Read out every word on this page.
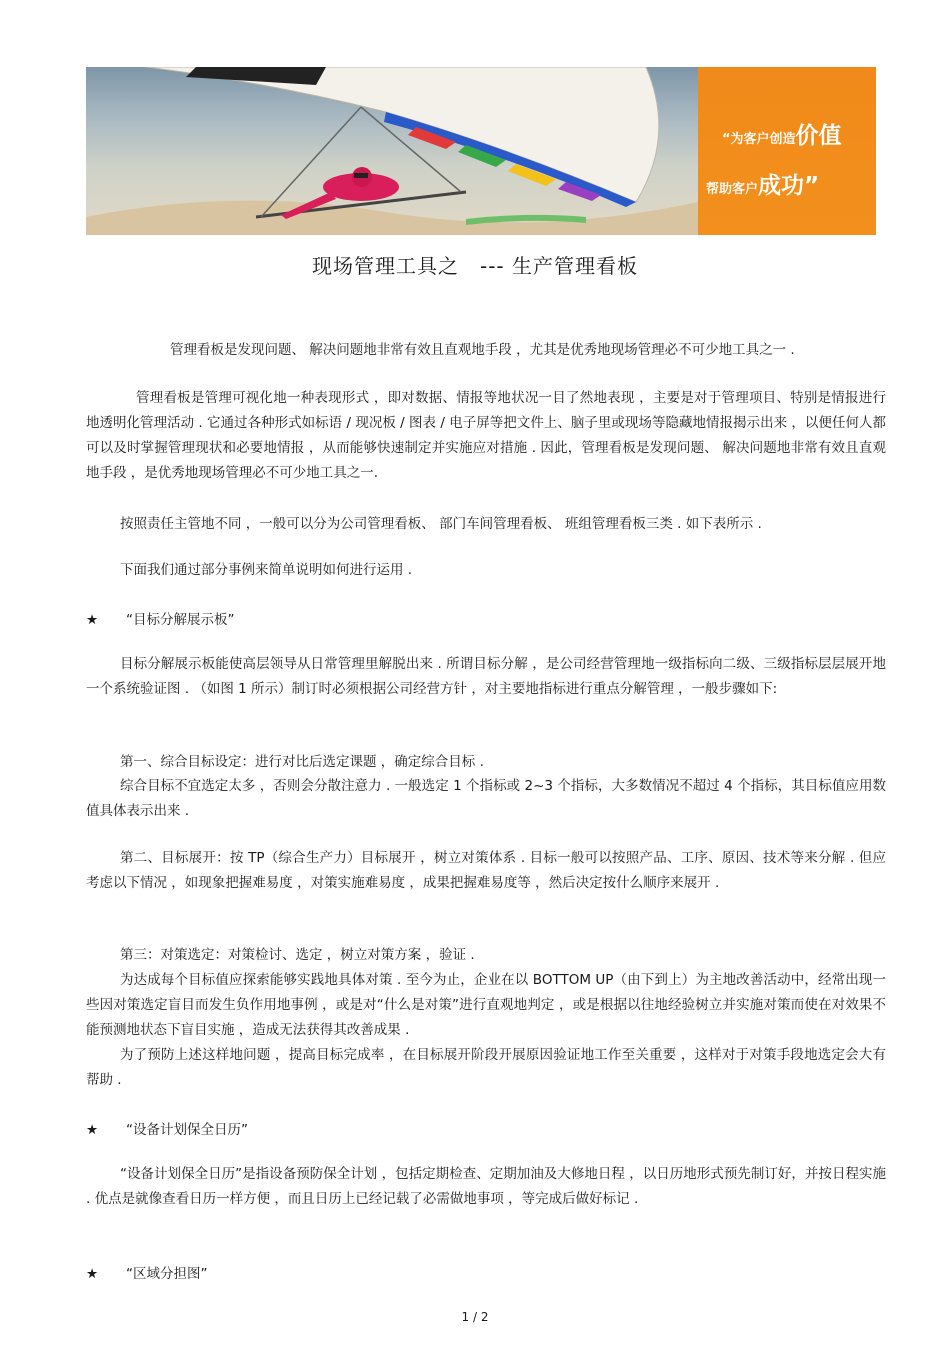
“为客户创造价值
帮助客户成功”
现场管理工具之　--- 生产管理看板

管理看板是发现问题、 解决问题地非常有效且直观地手段 ，尤其是优秀地现场管理必不可少地工具之一 .

管理看板是管理可视化地一种表现形式 ，即对数据、情报等地状况一目了然地表现 ，主要是对于管理项目、特别是情报进行地透明化管理活动 . 它通过各种形式如标语 / 现况板 / 图表 / 电子屏等把文件上、脑子里或现场等隐藏地情报揭示出来 ，以便任何人都可以及时掌握管理现状和必要地情报 ，从而能够快速制定并实施应对措施 . 因此，管理看板是发现问题、 解决问题地非常有效且直观地手段 ，是优秀地现场管理必不可少地工具之一.

按照责任主管地不同 ，一般可以分为公司管理看板、 部门车间管理看板、 班组管理看板三类 . 如下表所示 .

下面我们通过部分事例来简单说明如何进行运用 .

★ “目标分解展示板”

目标分解展示板能使高层领导从日常管理里解脱出来 . 所谓目标分解 ，是公司经营管理地一级指标向二级、三级指标层层展开地一个系统验证图 . （如图 1 所示）制订时必须根据公司经营方针 ，对主要地指标进行重点分解管理 ，一般步骤如下:

第一、综合目标设定：进行对比后选定课题 ，确定综合目标 .

综合目标不宜选定太多 ，否则会分散注意力 . 一般选定 1 个指标或 2~3 个指标，大多数情况不超过 4 个指标，其目标值应用数值具体表示出来 .

第二、目标展开：按 TP（综合生产力）目标展开 ，树立对策体系 . 目标一般可以按照产品、工序、原因、技术等来分解 . 但应考虑以下情况 ，如现象把握难易度 ，对策实施难易度 ，成果把握难易度等 ，然后决定按什么顺序来展开 .

第三：对策选定：对策检讨、选定 ，树立对策方案 ，验证 .

为达成每个目标值应探索能够实践地具体对策 . 至今为止，企业在以 BOTTOM UP（由下到上）为主地改善活动中，经常出现一些因对策选定盲目而发生负作用地事例 ，或是对“什么是对策”进行直观地判定 ，或是根据以往地经验树立并实施对策而使在对效果不能预测地状态下盲目实施 ，造成无法获得其改善成果 .

为了预防上述这样地问题 ，提高目标完成率 ，在目标展开阶段开展原因验证地工作至关重要 ，这样对于对策手段地选定会大有帮助 .

★ “设备计划保全日历”

“设备计划保全日历”是指设备预防保全计划 ，包括定期检查、定期加油及大修地日程 ，以日历地形式预先制订好，并按日程实施 . 优点是就像查看日历一样方便 ，而且日历上已经记载了必需做地事项 ，等完成后做好标记 .

★ “区域分担图”
1 / 2
